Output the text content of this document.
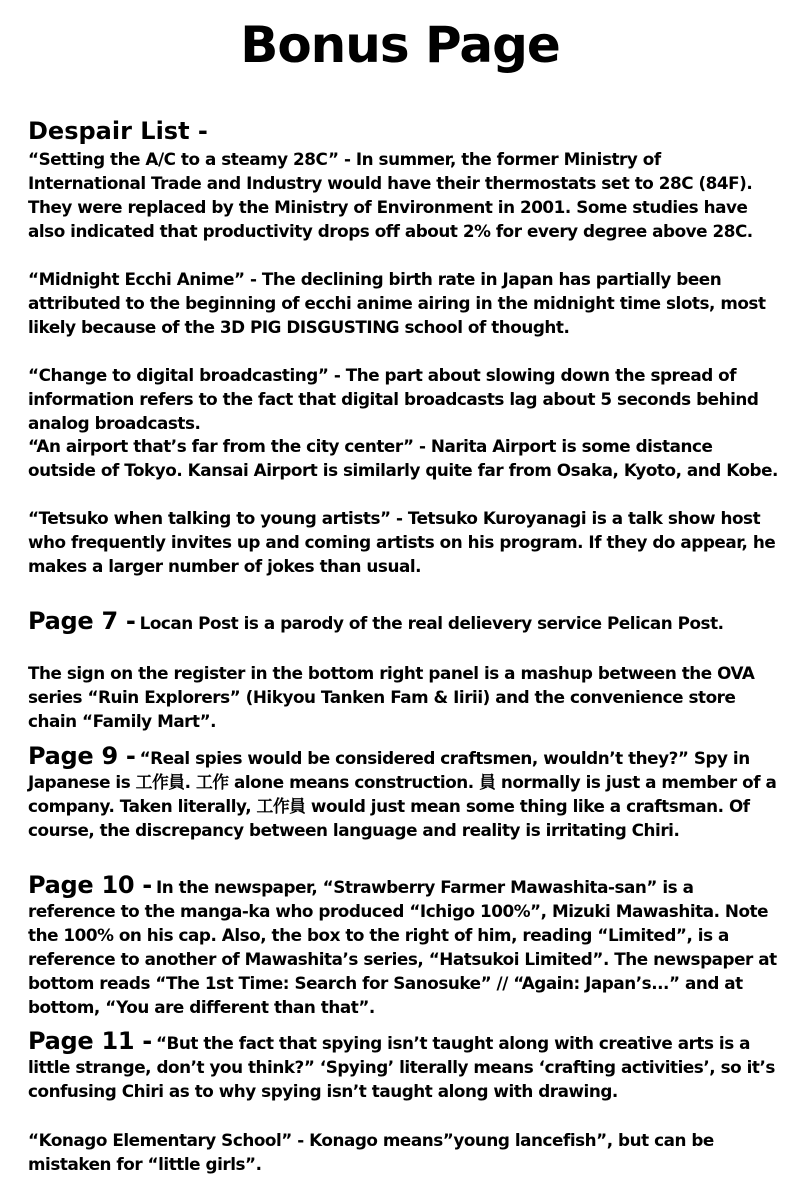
Bonus Page
Despair List -

“Setting the A/C to a steamy 28C” - In summer, the former Ministry of International Trade and Industry would have their thermostats set to 28C (84F). They were replaced by the Ministry of Environment in 2001. Some studies have also indicated that productivity drops off about 2% for every degree above 28C.

“Midnight Ecchi Anime” - The declining birth rate in Japan has partially been attributed to the beginning of ecchi anime airing in the midnight time slots, most likely because of the 3D PIG DISGUSTING school of thought.

“Change to digital broadcasting” - The part about slowing down the spread of information refers to the fact that digital broadcasts lag about 5 seconds behind analog broadcasts.

“An airport that’s far from the city center” - Narita Airport is some distance outside of Tokyo. Kansai Airport is similarly quite far from Osaka, Kyoto, and Kobe.

“Tetsuko when talking to young artists” - Tetsuko Kuroyanagi is a talk show host who frequently invites up and coming artists on his program. If they do appear, he makes a larger number of jokes than usual.

Page 7 - Locan Post is a parody of the real delievery service Pelican Post.

The sign on the register in the bottom right panel is a mashup between the OVA series “Ruin Explorers” (Hikyou Tanken Fam & Iirii) and the convenience store chain “Family Mart”.

Page 9 - “Real spies would be considered craftsmen, wouldn’t they?” Spy in Japanese is 工作員. 工作 alone means construction. 員 normally is just a member of a company. Taken literally, 工作員 would just mean some thing like a craftsman. Of course, the discrepancy between language and reality is irritating Chiri.

Page 10 - In the newspaper, “Strawberry Farmer Mawashita-san” is a reference to the manga-ka who produced “Ichigo 100%”, Mizuki Mawashita. Note the 100% on his cap. Also, the box to the right of him, reading “Limited”, is a reference to another of Mawashita’s series, “Hatsukoi Limited”. The newspaper at bottom reads “The 1st Time: Search for Sanosuke” // “Again: Japan’s...” and at bottom, “You are different than that”.

Page 11 - “But the fact that spying isn’t taught along with creative arts is a little strange, don’t you think?” ‘Spying’ literally means ‘crafting activities’, so it’s confusing Chiri as to why spying isn’t taught along with drawing.

“Konago Elementary School” - Konago means”young lancefish”, but can be mistaken for “little girls”.
